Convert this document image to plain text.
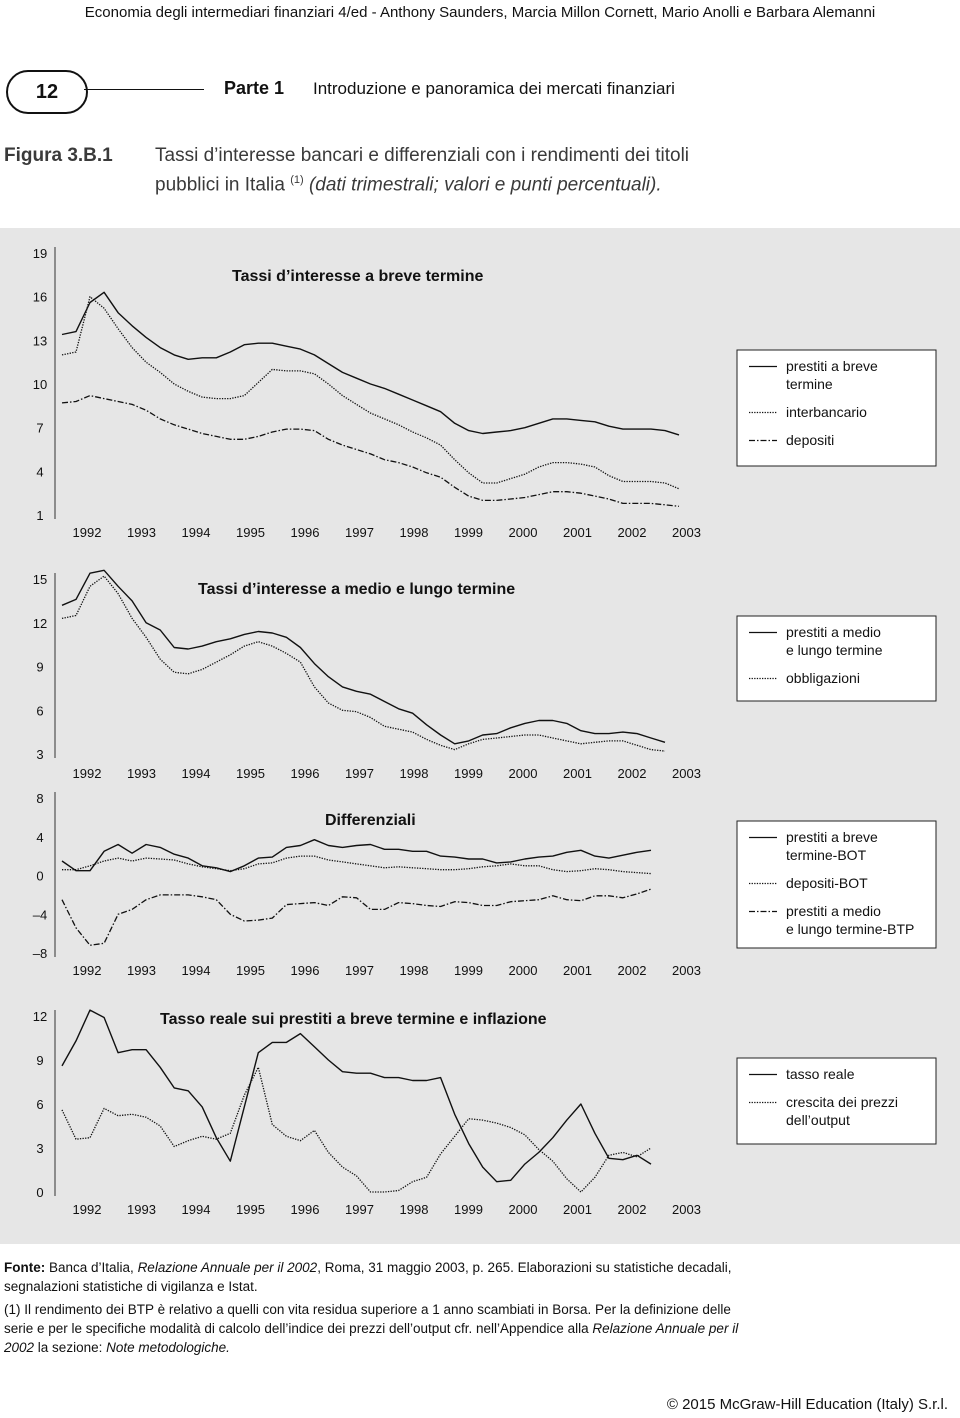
Economia degli intermediari finanziari 4/ed - Anthony Saunders, Marcia Millon Cornett, Mario Anolli e Barbara Alemanni
12	Parte 1 Introduzione e panoramica dei mercati finanziari
Figura 3.B.1 Tassi d’interesse bancari e differenziali con i rendimenti dei titoli pubblici in Italia $^{(1)}$ (dati trimestrali; valori e punti percentuali).
19
16
13
10
7
4
1
1992 1993 1994 1995 1996 1997 1998 1999 2000 2001 2002 2003
Tassi d’interesse a breve termine
prestiti a breve
termine
interbancario
depositi
15
12
9
6
3
1992 1993 1994 1995 1996 1997 1998 1999 2000 2001 2002 2003
Tassi d’interesse a medio e lungo termine
prestiti a medio
e lungo termine
obbligazioni
8
4
0
–4
–8
1992 1993 1994 1995 1996 1997 1998 1999 2000 2001 2002 2003
Differenziali
prestiti a breve
termine-BOT
depositi-BOT
prestiti a medio
e lungo termine-BTP
12
9
6
3
0
1992 1993 1994 1995 1996 1997 1998 1999 2000 2001 2002 2003
Tasso reale sui prestiti a breve termine e inflazione
tasso reale
crescita dei prezzi
dell’output
Fonte: Banca d’Italia, Relazione Annuale per il 2002, Roma, 31 maggio 2003, p. 265. Elaborazioni su statistiche decadali, segnalazioni statistiche di vigilanza e Istat.
(1) Il rendimento dei BTP è relativo a quelli con vita residua superiore a 1 anno scambiati in Borsa. Per la definizione delle serie e per le specifiche modalità di calcolo dell’indice dei prezzi dell’output cfr. nell’Appendice alla Relazione Annuale per il 2002 la sezione: Note metodologiche.
© 2015 McGraw-Hill Education (Italy) S.r.l.
